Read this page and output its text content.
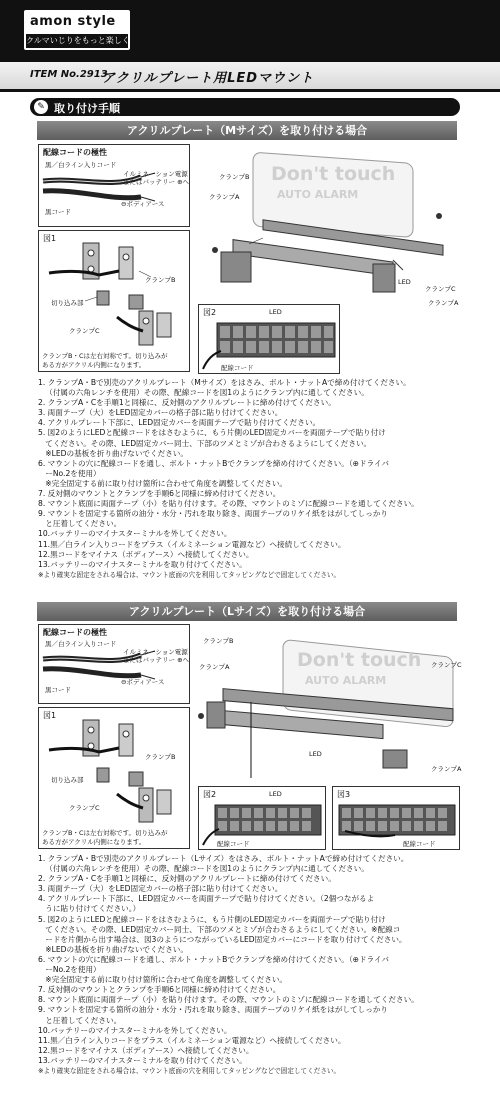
amon style
クルマいじりをもっと楽しく
ITEM No.2913
アクリルプレート用LEDマウント
✎ 取り付け手順
アクリルプレート（Mサイズ）を取り付ける場合
配線コードの極性
黒／白ライン入りコード
イルミネーション電源
またはバッテリー ⊕へ
黒コード
⊖ボディアース
図1
クランプB
切り込み部
クランプC
クランプB・Cは左右対称です。切り込みが
ある方がアクリル内側になります。
Don't touch
AUTO ALARM
クランプB
クランプA
LED
クランプC
クランプA
図2	LED
配線コード
1. クランプA・Bで別売のアクリルプレート（Mサイズ）をはさみ、ボルト・ナットAで締め付けてください。
（付属の六角レンチを使用）その際、配線コードを図1のようにクランプ内に通してください。
2. クランプA・Cを手順1と同様に、反対側のアクリルプレートに締め付けてください。
3. 両面テープ（大）をLED固定カバーの格子部に貼り付けてください。
4. アクリルプレート下部に、LED固定カバーを両面テープで貼り付けてください。
5. 図2のようにLEDと配線コードをはさむように、もう片側のLED固定カバーを両面テープで貼り付け
てください。その際、LED固定カバー同士、下部のツメとミゾが合わさるようにしてください。
※LEDの基板を折り曲げないでください。
6. マウントの穴に配線コードを通し、ボルト・ナットBでクランプを締め付けてください。（⊕ドライバ
ーNo.2を使用）
※完全固定する前に取り付け箇所に合わせて角度を調整してください。
7. 反対側のマウントとクランプを手順6と同様に締め付けてください。
8. マウント底面に両面テープ（小）を貼り付けます。その際、マウントのミゾに配線コードを通してください。
9. マウントを固定する箇所の油分・水分・汚れを取り除き、両面テープのリケイ紙をはがしてしっかり
と圧着してください。
10.バッテリーのマイナスターミナルを外してください。
11.黒／白ライン入りコードをプラス（イルミネーション電源など）へ接続してください。
12.黒コードをマイナス（ボディアース）へ接続してください。
13.バッテリーのマイナスターミナルを取り付けてください。
※より確実な固定をされる場合は、マウント底面の穴を利用してタッピングなどで固定してください。
アクリルプレート（Lサイズ）を取り付ける場合
配線コードの極性
黒／白ライン入りコード
イルミネーション電源
またはバッテリー ⊕へ
黒コード
⊖ボディアース
図1
クランプB
切り込み部
クランプC
クランプB・Cは左右対称です。切り込みが
ある方がアクリル内側になります。
Don't touch
AUTO ALARM
クランプB
クランプA
LED
クランプC
クランプA
図2	LED
配線コード
図3
配線コード
1. クランプA・Bで別売のアクリルプレート（Lサイズ）をはさみ、ボルト・ナットAで締め付けてください。
（付属の六角レンチを使用）その際、配線コードを図1のようにクランプ内に通してください。
2. クランプA・Cを手順1と同様に、反対側のアクリルプレートに締め付けてください。
3. 両面テープ（大）をLED固定カバーの格子部に貼り付けてください。
4. アクリルプレート下部に、LED固定カバーを両面テープで貼り付けてください。（2個つながるよ
うに貼り付けてください。）
5. 図2のようにLEDと配線コードをはさむように、もう片側のLED固定カバーを両面テープで貼り付け
てください。その際、LED固定カバー同士、下部のツメとミゾが合わさるようにしてください。※配線コ
ードを片側から出す場合は、図3のようにつながっているLED固定カバーにコードを取り付けてください。
※LEDの基板を折り曲げないでください。
6. マウントの穴に配線コードを通し、ボルト・ナットBでクランプを締め付けてください。（⊕ドライバ
ーNo.2を使用）
※完全固定する前に取り付け箇所に合わせて角度を調整してください。
7. 反対側のマウントとクランプを手順6と同様に締め付けてください。
8. マウント底面に両面テープ（小）を貼り付けます。その際、マウントのミゾに配線コードを通してください。
9. マウントを固定する箇所の油分・水分・汚れを取り除き、両面テープのリケイ紙をはがしてしっかり
と圧着してください。
10.バッテリーのマイナスターミナルを外してください。
11.黒／白ライン入りコードをプラス（イルミネーション電源など）へ接続してください。
12.黒コードをマイナス（ボディアース）へ接続してください。
13.バッテリーのマイナスターミナルを取り付けてください。
※より確実な固定をされる場合は、マウント底面の穴を利用してタッピングなどで固定してください。
